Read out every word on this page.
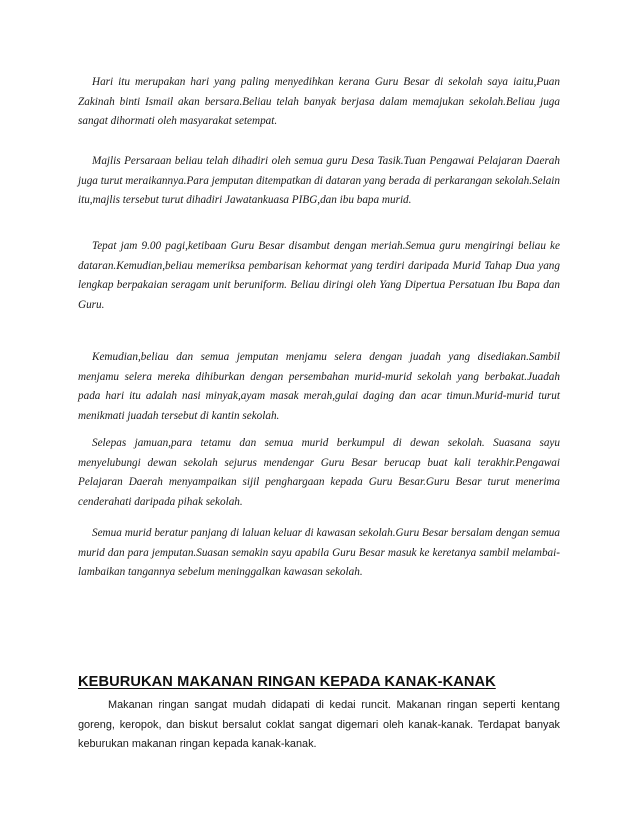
Hari itu merupakan hari yang paling menyedihkan kerana Guru Besar di sekolah saya iaitu,Puan Zakinah binti Ismail akan bersara.Beliau telah banyak berjasa dalam memajukan sekolah.Beliau juga sangat dihormati oleh masyarakat setempat.

Majlis Persaraan beliau telah dihadiri oleh semua guru Desa Tasik.Tuan Pengawai Pelajaran Daerah juga turut meraikannya.Para jemputan ditempatkan di dataran yang berada di perkarangan sekolah.Selain itu,majlis tersebut turut dihadiri Jawatankuasa PIBG,dan ibu bapa murid.

Tepat jam 9.00 pagi,ketibaan Guru Besar disambut dengan meriah.Semua guru mengiringi beliau ke dataran.Kemudian,beliau memeriksa pembarisan kehormat yang terdiri daripada Murid Tahap Dua yang lengkap berpakaian seragam unit beruniform. Beliau diringi oleh Yang Dipertua Persatuan Ibu Bapa dan Guru.

Kemudian,beliau dan semua jemputan menjamu selera dengan juadah yang disediakan.Sambil menjamu selera mereka dihiburkan dengan persembahan murid-murid sekolah yang berbakat.Juadah pada hari itu adalah nasi minyak,ayam masak merah,gulai daging dan acar timun.Murid-murid turut menikmati juadah tersebut di kantin sekolah.

Selepas jamuan,para tetamu dan semua murid berkumpul di dewan sekolah. Suasana sayu menyelubungi dewan sekolah sejurus mendengar Guru Besar berucap buat kali terakhir.Pengawai Pelajaran Daerah menyampaikan sijil penghargaan kepada Guru Besar.Guru Besar turut menerima cenderahati daripada pihak sekolah.

Semua murid beratur panjang di laluan keluar di kawasan sekolah.Guru Besar bersalam dengan semua murid dan para jemputan.Suasan semakin sayu apabila Guru Besar masuk ke keretanya sambil melambai-lambaikan tangannya sebelum meninggalkan kawasan sekolah.

KEBURUKAN MAKANAN RINGAN KEPADA KANAK-KANAK

Makanan ringan sangat mudah didapati di kedai runcit. Makanan ringan seperti kentang goreng, keropok, dan biskut bersalut coklat sangat digemari oleh kanak-kanak. Terdapat banyak keburukan makanan ringan kepada kanak-kanak.
